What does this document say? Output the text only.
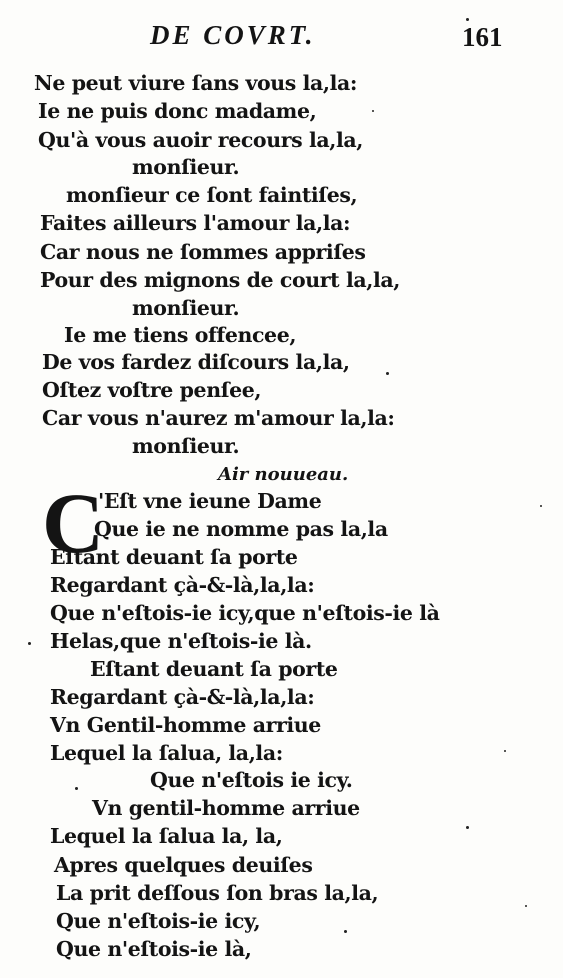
DE COVRT.	161
Ne peut viure ſans vous la,la:
Ie ne puis donc madame,
Qu'à vous auoir recours la,la,
monſieur.
monſieur ce ſont faintiſes,
Faites ailleurs l'amour la,la:
Car nous ne ſommes appriſes
Pour des mignons de court la,la,
monſieur.
Ie me tiens offencee,
De vos fardez diſcours la,la,
Oſtez voſtre penſee,
Car vous n'aurez m'amour la,la:
monſieur.
Air nouueau.
C
'Eſt vne ieune Dame
Que ie ne nomme pas la,la
Eſtant deuant ſa porte
Regardant çà-&-là,la,la:
Que n'eſtois-ie icy,que n'eſtois-ie là
Helas,que n'eſtois-ie là.
Eſtant deuant ſa porte
Regardant çà-&-là,la,la:
Vn Gentil-homme arriue
Lequel la ſalua, la,la:
Que n'eſtois ie icy.
Vn gentil-homme arriue
Lequel la ſalua la, la,
Apres quelques deuiſes
La prit deſſous ſon bras la,la,
Que n'eſtois-ie icy,
Que n'eſtois-ie là,
